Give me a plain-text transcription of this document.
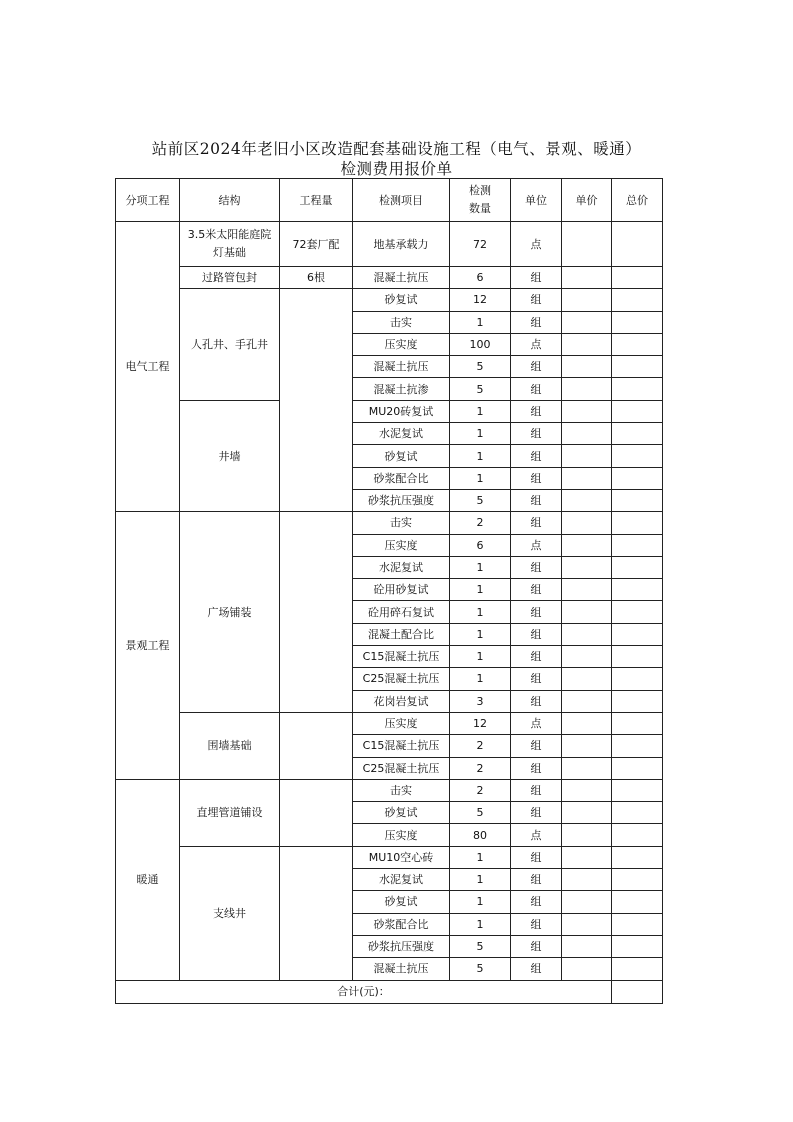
站前区2024年老旧小区改造配套基础设施工程（电气、景观、暖通）
检测费用报价单
分项工程	结构	工程量	检测项目	检测数量	单位	单价	总价
电气工程	3.5米太阳能庭院灯基础	72套厂配	地基承载力	72	点		
	过路管包封	6根	混凝土抗压	6	组		
	人孔井、手孔井		砂复试	12	组		
			击实	1	组		
			压实度	100	点		
			混凝土抗压	5	组		
			混凝土抗渗	5	组		
	井墙		MU20砖复试	1	组		
			水泥复试	1	组		
			砂复试	1	组		
			砂浆配合比	1	组		
			砂浆抗压强度	5	组		
景观工程	广场铺装		击实	2	组		
			压实度	6	点		
			水泥复试	1	组		
			砼用砂复试	1	组		
			砼用碎石复试	1	组		
			混凝土配合比	1	组		
			C15混凝土抗压	1	组		
			C25混凝土抗压	1	组		
			花岗岩复试	3	组		
	围墙基础		压实度	12	点		
			C15混凝土抗压	2	组		
			C25混凝土抗压	2	组		
暖通	直埋管道铺设		击实	2	组		
			砂复试	5	组		
			压实度	80	点		
	支线井		MU10空心砖	1	组		
			水泥复试	1	组		
			砂复试	1	组		
			砂浆配合比	1	组		
			砂浆抗压强度	5	组		
			混凝土抗压	5	组		
合计(元)：							
